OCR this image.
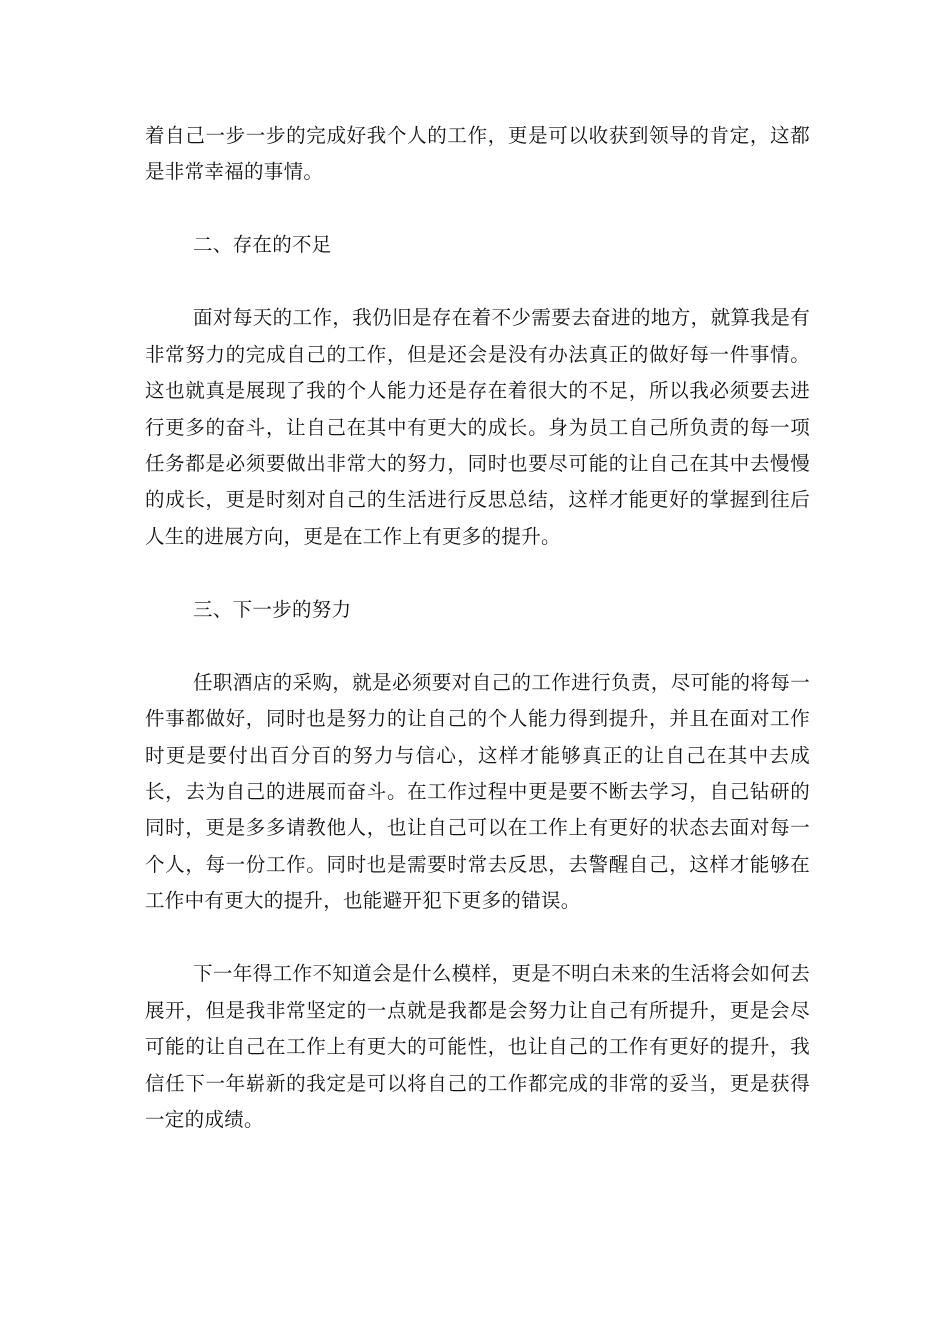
着自己一步一步的完成好我个人的工作，更是可以收获到领导的肯定，这都是非常幸福的事情。

二、存在的不足

面对每天的工作，我仍旧是存在着不少需要去奋进的地方，就算我是有非常努力的完成自己的工作，但是还会是没有办法真正的做好每一件事情。这也就真是展现了我的个人能力还是存在着很大的不足，所以我必须要去进行更多的奋斗，让自己在其中有更大的成长。身为员工自己所负责的每一项任务都是必须要做出非常大的努力，同时也要尽可能的让自己在其中去慢慢的成长，更是时刻对自己的生活进行反思总结，这样才能更好的掌握到往后人生的进展方向，更是在工作上有更多的提升。

三、下一步的努力

任职酒店的采购，就是必须要对自己的工作进行负责，尽可能的将每一件事都做好，同时也是努力的让自己的个人能力得到提升，并且在面对工作时更是要付出百分百的努力与信心，这样才能够真正的让自己在其中去成长，去为自己的进展而奋斗。在工作过程中更是要不断去学习，自己钻研的同时，更是多多请教他人，也让自己可以在工作上有更好的状态去面对每一个人，每一份工作。同时也是需要时常去反思，去警醒自己，这样才能够在工作中有更大的提升，也能避开犯下更多的错误。

下一年得工作不知道会是什么模样，更是不明白未来的生活将会如何去展开，但是我非常坚定的一点就是我都是会努力让自己有所提升，更是会尽可能的让自己在工作上有更大的可能性，也让自己的工作有更好的提升，我信任下一年崭新的我定是可以将自己的工作都完成的非常的妥当，更是获得一定的成绩。
